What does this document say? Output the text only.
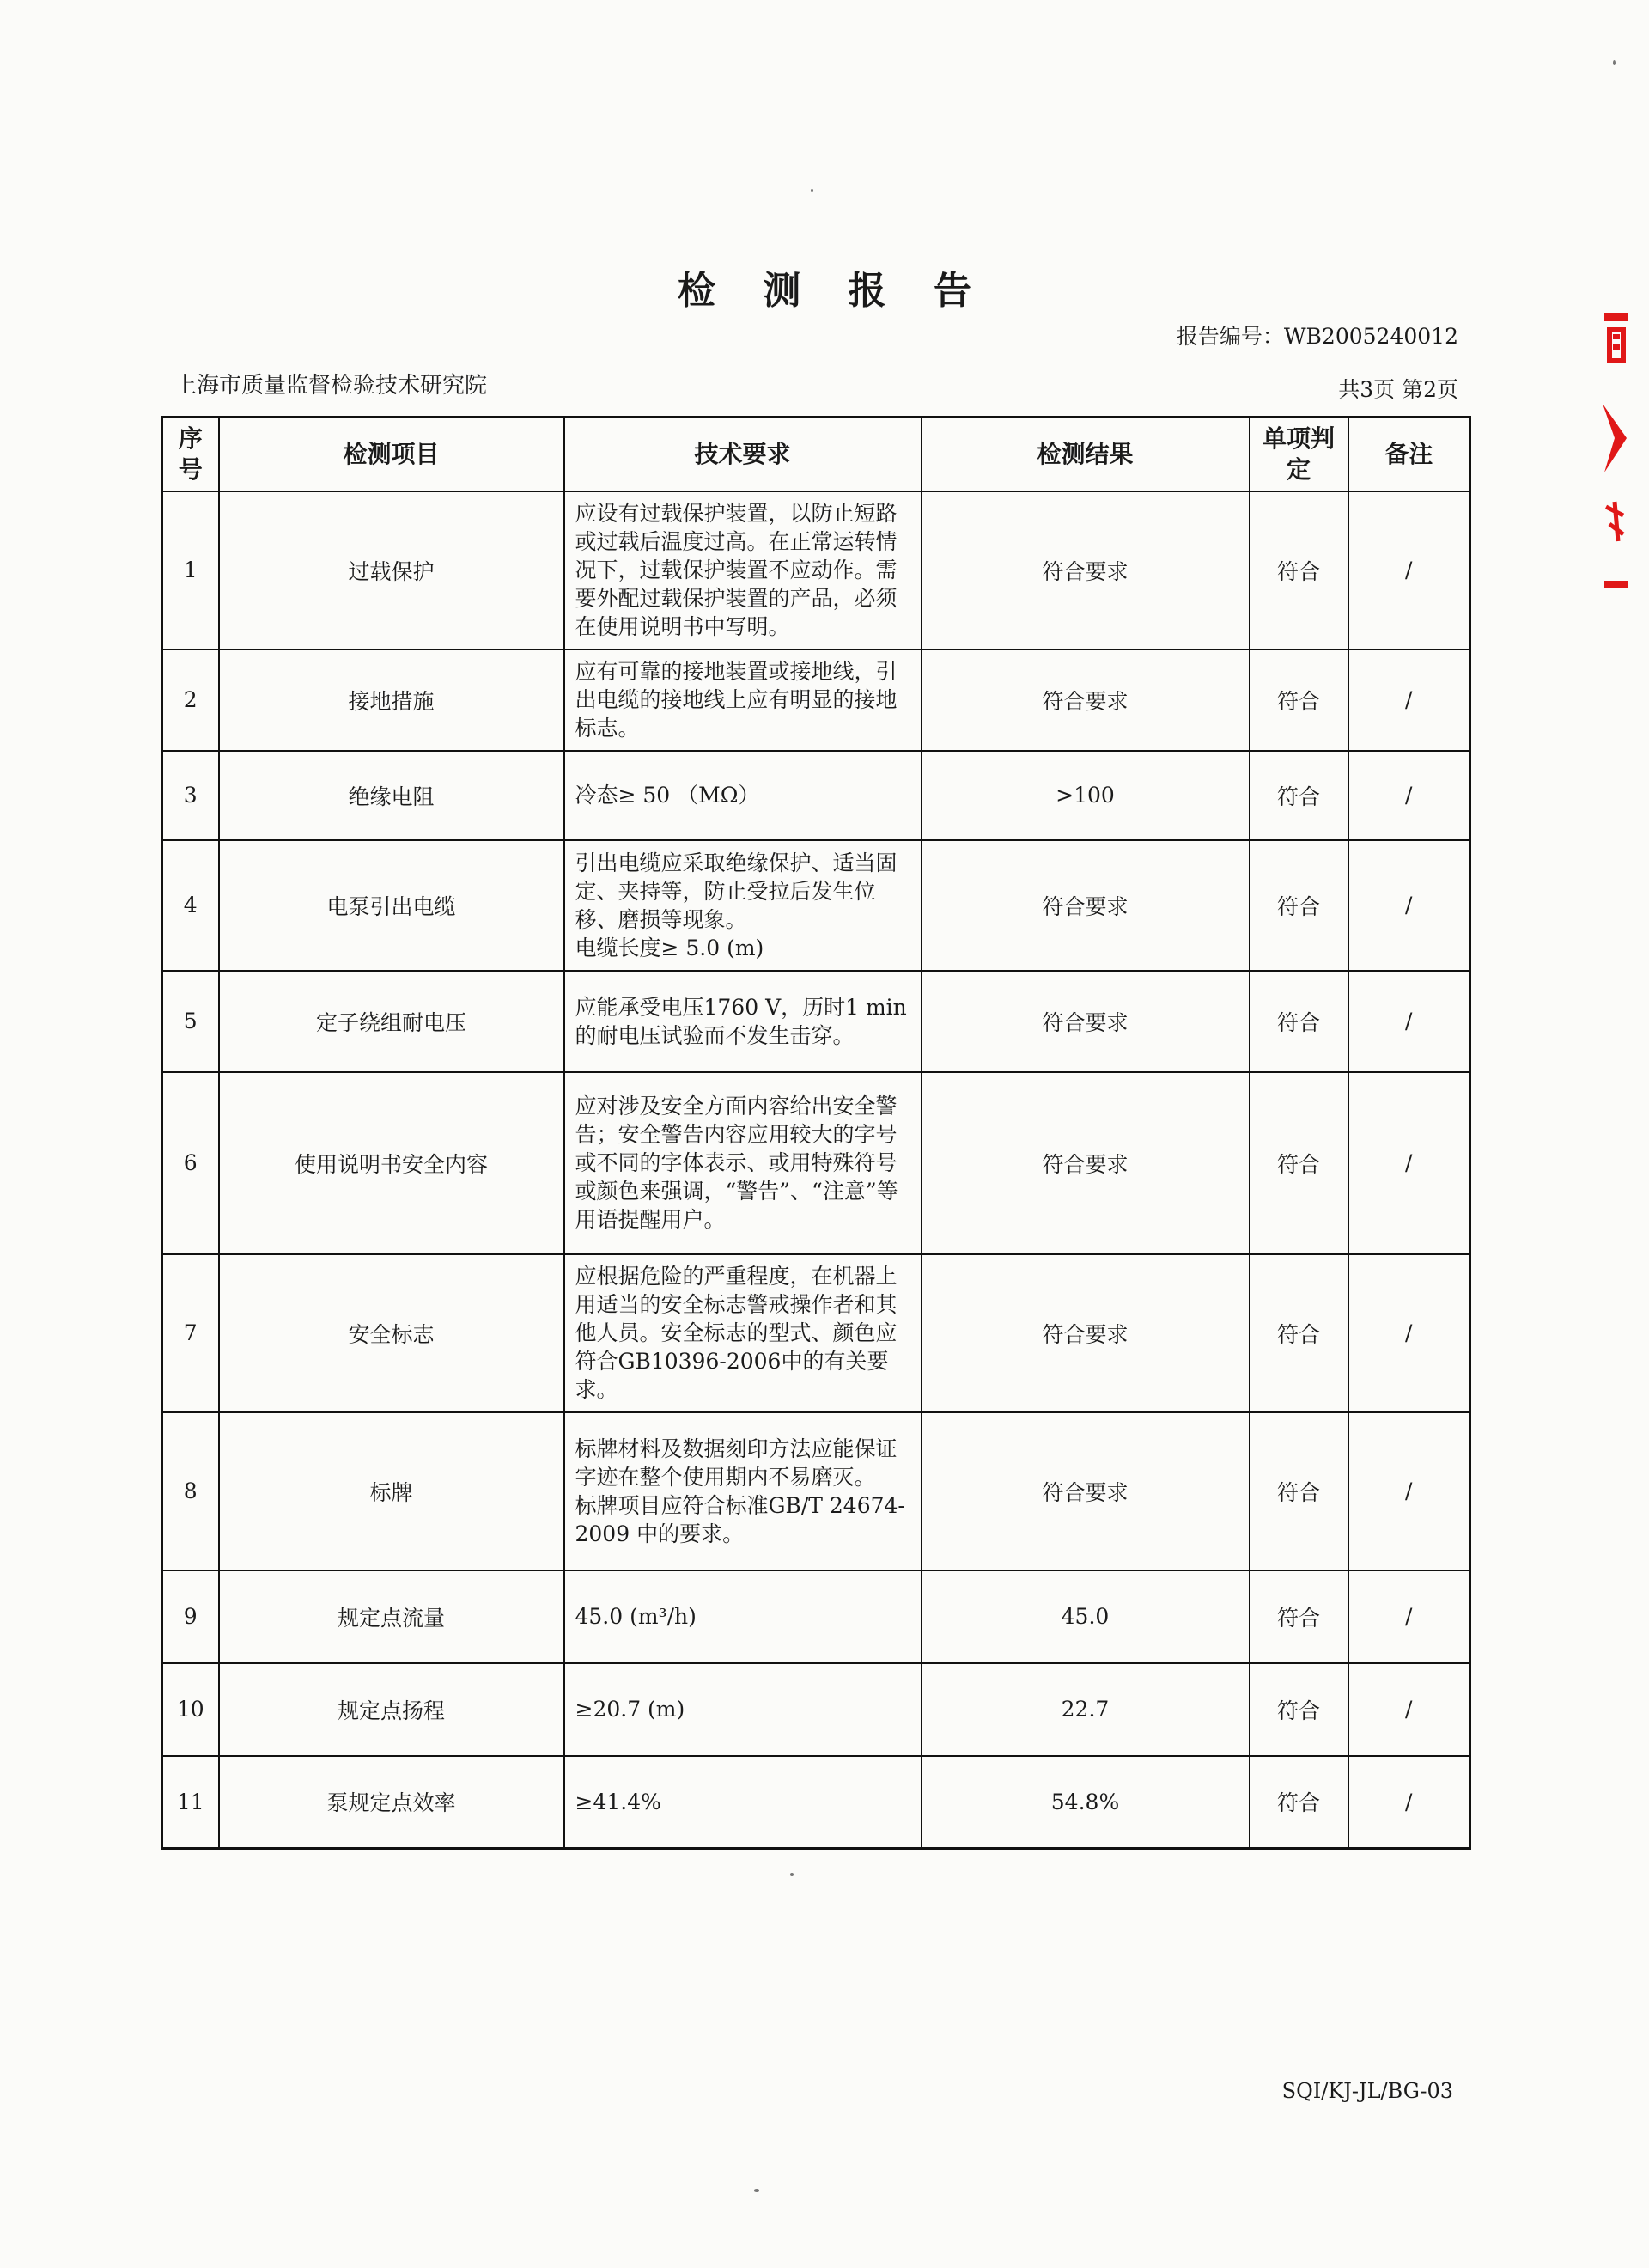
检 测 报 告
报告编号：WB2005240012
上海市质量监督检验技术研究院	共3页 第2页
序号	检测项目	技术要求	检测结果	单项判定	备注
1	过载保护	应设有过载保护装置，以防止短路或过载后温度过高。在正常运转情况下，过载保护装置不应动作。需要外配过载保护装置的产品，必须在使用说明书中写明。	符合要求	符合	/
2	接地措施	应有可靠的接地装置或接地线，引出电缆的接地线上应有明显的接地标志。	符合要求	符合	/
3	绝缘电阻	冷态≥ 50 （MΩ）	>100	符合	/
4	电泵引出电缆	引出电缆应采取绝缘保护、适当固定、夹持等，防止受拉后发生位移、磨损等现象。
电缆长度≥ 5.0 (m)	符合要求	符合	/
5	定子绕组耐电压	应能承受电压1760 V，历时1 min的耐电压试验而不发生击穿。	符合要求	符合	/
6	使用说明书安全内容	应对涉及安全方面内容给出安全警告；安全警告内容应用较大的字号或不同的字体表示、或用特殊符号或颜色来强调，“警告”、“注意”等用语提醒用户。	符合要求	符合	/
7	安全标志	应根据危险的严重程度，在机器上用适当的安全标志警戒操作者和其他人员。安全标志的型式、颜色应符合GB10396-2006中的有关要求。	符合要求	符合	/
8	标牌	标牌材料及数据刻印方法应能保证字迹在整个使用期内不易磨灭。
标牌项目应符合标准GB/T 24674-2009 中的要求。	符合要求	符合	/
9	规定点流量	45.0 (m³/h)	45.0	符合	/
10	规定点扬程	≥20.7 (m)	22.7	符合	/
11	泵规定点效率	≥41.4%	54.8%	符合	/
SQI/KJ-JL/BG-03
